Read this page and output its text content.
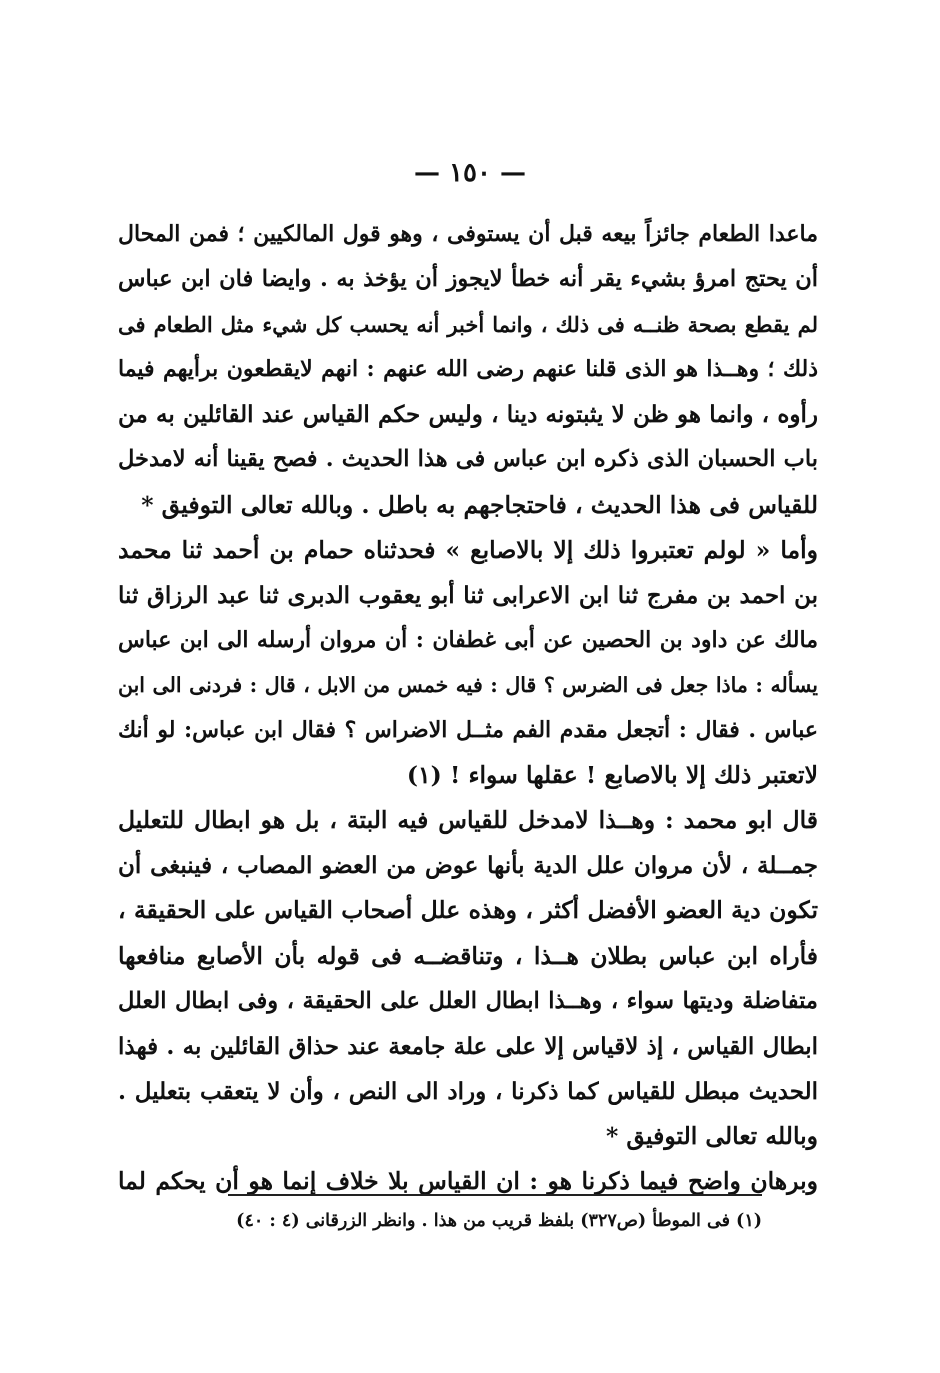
— ١٥٠ —
ماعدا الطعام جائزاً بيعه قبل أن يستوفى ، وهو قول المالكيين ؛ فمن المحال
أن يحتج امرؤ بشيء يقر أنه خطأ لايجوز أن يؤخذ به . وايضا فان ابن عباس
لم يقطع بصحة ظنــه فى ذلك ، وانما أخبر أنه يحسب كل شيء مثل الطعام فى
ذلك ؛ وهــذا هو الذى قلنا عنهم رضى الله عنهم : انهم لايقطعون برأيهم فيما
رأوه ، وانما هو ظن لا يثبتونه دينا ، وليس حكم القياس عند القائلين به من
باب الحسبان الذى ذكره ابن عباس فى هذا الحديث . فصح يقينا أنه لامدخل
للقياس فى هذا الحديث ، فاحتجاجهم به باطل . وبالله تعالى التوفيق *
وأما « لولم تعتبروا ذلك إلا بالاصابع » فحدثناه حمام بن أحمد ثنا محمد
بن احمد بن مفرج ثنا ابن الاعرابى ثنا أبو يعقوب الدبرى ثنا عبد الرزاق ثنا
مالك عن داود بن الحصين عن أبى غطفان : أن مروان أرسله الى ابن عباس
يسأله : ماذا جعل فى الضرس ؟ قال : فيه خمس من الابل ، قال : فردنى الى ابن
عباس . فقال : أتجعل مقدم الفم مثــل الاضراس ؟ فقال ابن عباس: لو أنك
لاتعتبر ذلك إلا بالاصابع ! عقلها سواء ! (١)
قال ابو محمد : وهــذا لامدخل للقياس فيه البتة ، بل هو ابطال للتعليل
جمــلة ، لأن مروان علل الدية بأنها عوض من العضو المصاب ، فينبغى أن
تكون دية العضو الأفضل أكثر ، وهذه علل أصحاب القياس على الحقيقة ،
فأراه ابن عباس بطلان هــذا ، وتناقضــه فى قوله بأن الأصابع منافعها
متفاضلة وديتها سواء ، وهــذا ابطال العلل على الحقيقة ، وفى ابطال العلل
ابطال القياس ، إذ لاقياس إلا على علة جامعة عند حذاق القائلين به . فهذا
الحديث مبطل للقياس كما ذكرنا ، وراد الى النص ، وأن لا يتعقب بتعليل .
وبالله تعالى التوفيق *
وبرهان واضح فيما ذكرنا هو : ان القياس بلا خلاف إنما هو أن يحكم لما
(١) فى الموطأ (ص٣٢٧) بلفظ قريب من هذا . وانظر الزرقانى (٤ : ٤٠)
